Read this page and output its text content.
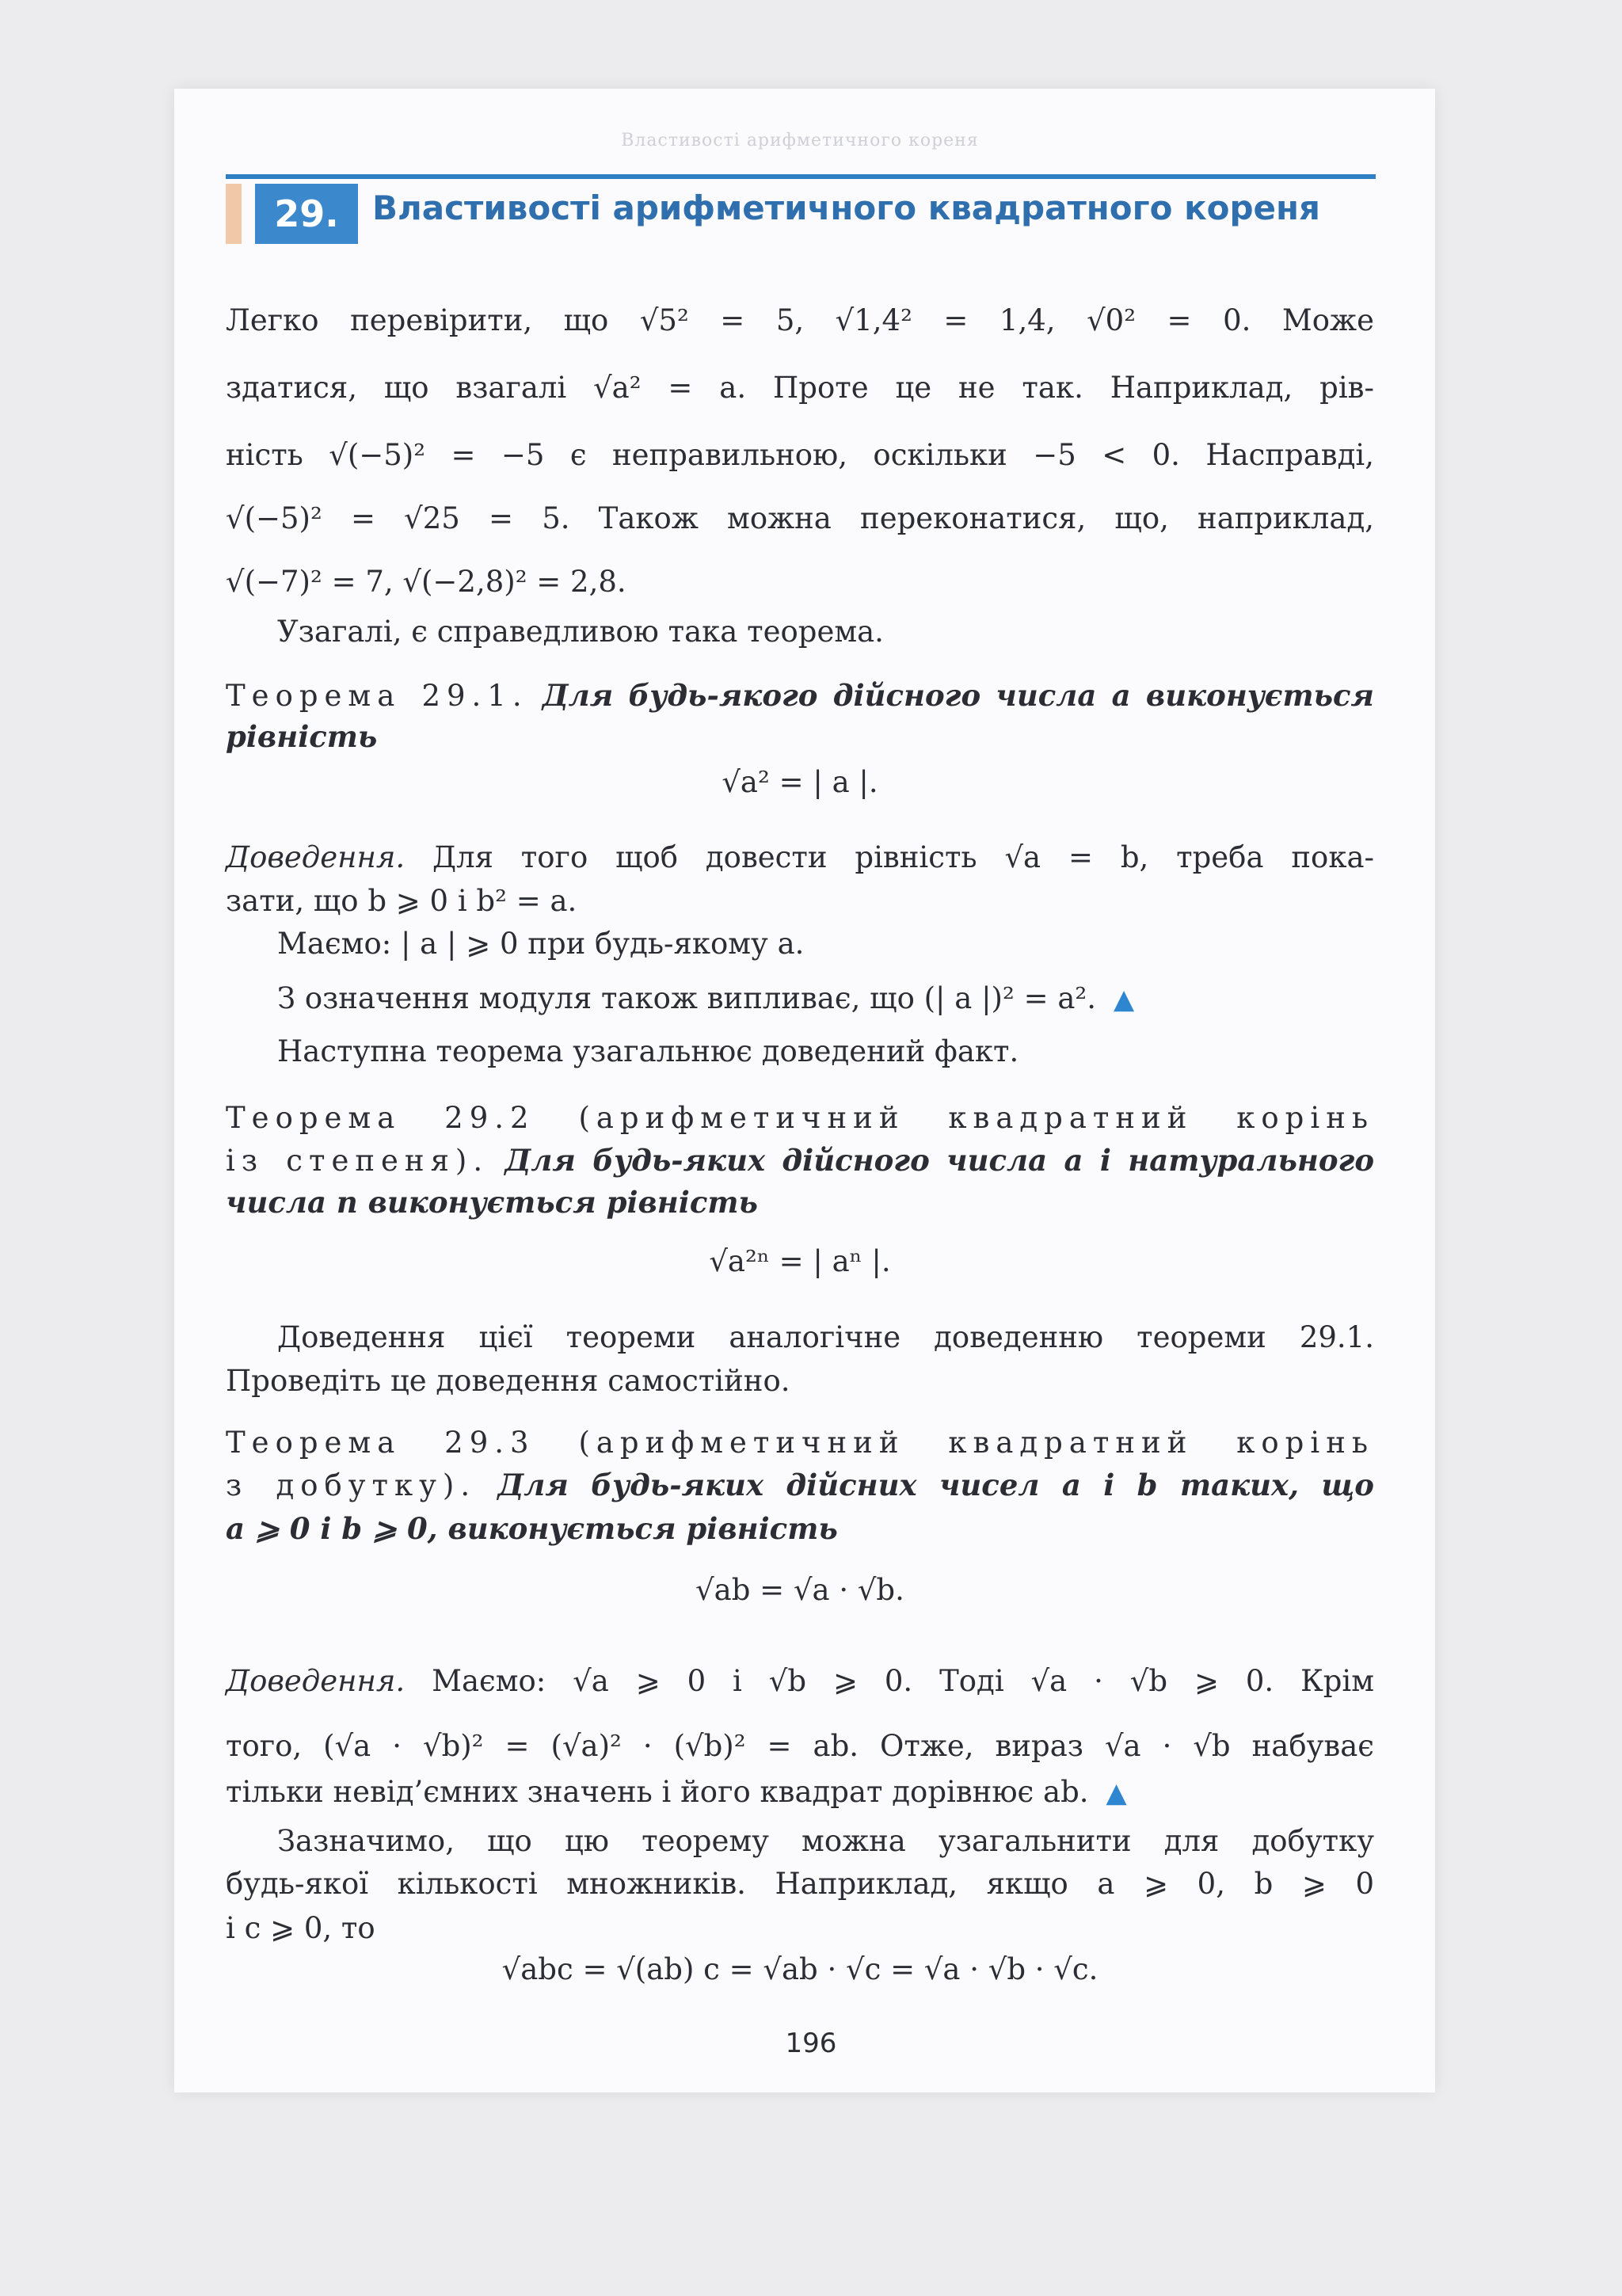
Властивості арифметичного кореня
29.	Властивості арифметичного квадратного кореня
Легко перевірити, що √5² = 5, √1,4² = 1,4, √0² = 0. Може
здатися, що взагалі √a² = a. Проте це не так. Наприклад, рів-
ність √(−5)² = −5 є неправильною, оскільки −5 < 0. Насправді,
√(−5)² = √25 = 5. Також можна переконатися, що, наприклад,
√(−7)² = 7, √(−2,8)² = 2,8.
Узагалі, є справедливою така теорема.
Теорема 29.1. Для будь-якого дійсного числа a виконується
рівність
√a² = | a |.
Доведення. Для того щоб довести рівність √a = b, треба пока-
зати, що b ⩾ 0 і b² = a.
Маємо: | a | ⩾ 0 при будь-якому a.
З означення модуля також випливає, що (| a |)² = a². ▲
Наступна теорема узагальнює доведений факт.
Теорема 29.2 (арифметичний квадратний корінь
із степеня). Для будь-яких дійсного числа a і натурального
числа n виконується рівність
√a²ⁿ = | aⁿ |.
Доведення цієї теореми аналогічне доведенню теореми 29.1.
Проведіть це доведення самостійно.
Теорема 29.3 (арифметичний квадратний корінь
з добутку). Для будь-яких дійсних чисел a і b таких, що
a ⩾ 0 і b ⩾ 0, виконується рівність
√ab = √a · √b.
Доведення. Маємо: √a ⩾ 0 і √b ⩾ 0. Тоді √a · √b ⩾ 0. Крім
того, (√a · √b)² = (√a)² · (√b)² = ab. Отже, вираз √a · √b набуває
тільки невід’ємних значень і його квадрат дорівнює ab. ▲
Зазначимо, що цю теорему можна узагальнити для добутку
будь-якої кількості множників. Наприклад, якщо a ⩾ 0, b ⩾ 0
і c ⩾ 0, то
√abc = √(ab) c = √ab · √c = √a · √b · √c.
196
